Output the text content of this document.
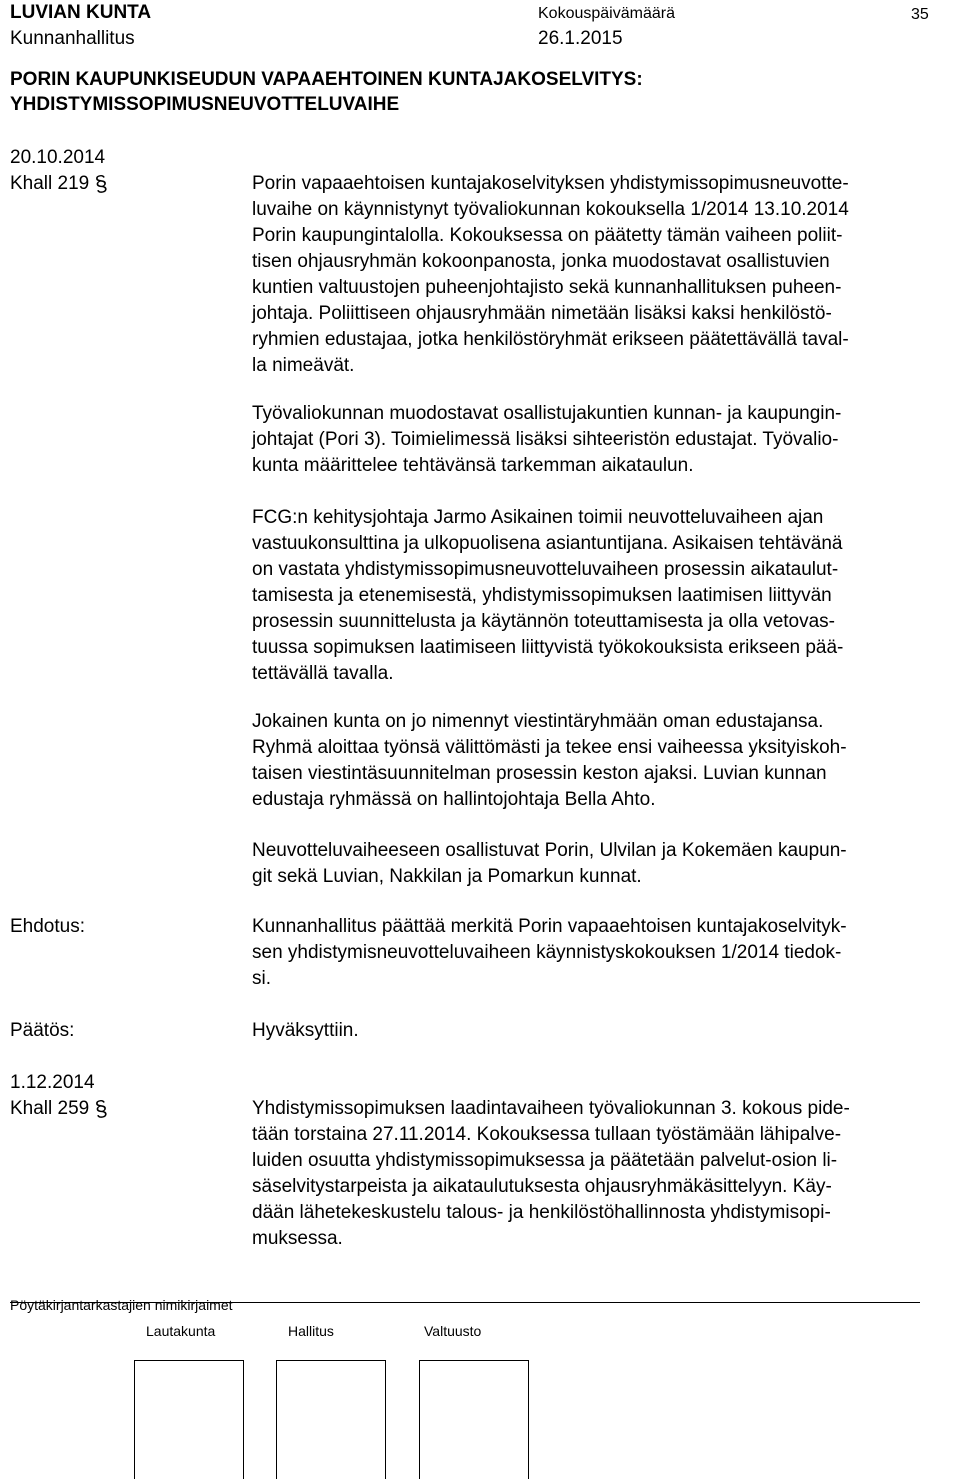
LUVIAN KUNTA
Kunnanhallitus
Kokouspäivämäärä
26.1.2015
35
PORIN KAUPUNKISEUDUN VAPAAEHTOINEN KUNTAJAKOSELVITYS:
YHDISTYMISSOPIMUSNEUVOTTELUVAIHE
20.10.2014
Khall 219 §	Porin vapaaehtoisen kuntajakoselvityksen yhdistymissopimusneuvotte-
luvaihe on käynnistynyt työvaliokunnan kokouksella 1/2014 13.10.2014
Porin kaupungintalolla. Kokouksessa on päätetty tämän vaiheen poliit-
tisen ohjausryhmän kokoonpanosta, jonka muodostavat osallistuvien
kuntien valtuustojen puheenjohtajisto sekä kunnanhallituksen puheen-
johtaja. Poliittiseen ohjausryhmään nimetään lisäksi kaksi henkilöstö-
ryhmien edustajaa, jotka henkilöstöryhmät erikseen päätettävällä taval-
la nimeävät.
Työvaliokunnan muodostavat osallistujakuntien kunnan- ja kaupungin-
johtajat (Pori 3). Toimielimessä lisäksi sihteeristön edustajat. Työvalio-
kunta määrittelee tehtävänsä tarkemman aikataulun.
FCG:n kehitysjohtaja Jarmo Asikainen toimii neuvotteluvaiheen ajan
vastuukonsulttina ja ulkopuolisena asiantuntijana. Asikaisen tehtävänä
on vastata yhdistymissopimusneuvotteluvaiheen prosessin aikataulut-
tamisesta ja etenemisestä, yhdistymissopimuksen laatimisen liittyvän
prosessin suunnittelusta ja käytännön toteuttamisesta ja olla vetovas-
tuussa sopimuksen laatimiseen liittyvistä työkokouksista erikseen pää-
tettävällä tavalla.
Jokainen kunta on jo nimennyt viestintäryhmään oman edustajansa.
Ryhmä aloittaa työnsä välittömästi ja tekee ensi vaiheessa yksityiskoh-
taisen viestintäsuunnitelman prosessin keston ajaksi. Luvian kunnan
edustaja ryhmässä on hallintojohtaja Bella Ahto.
Neuvotteluvaiheeseen osallistuvat Porin, Ulvilan ja Kokemäen kaupun-
git sekä Luvian, Nakkilan ja Pomarkun kunnat.
Ehdotus:	Kunnanhallitus päättää merkitä Porin vapaaehtoisen kuntajakoselvityk-
sen yhdistymisneuvotteluvaiheen käynnistyskokouksen 1/2014 tiedok-
si.
Päätös:	Hyväksyttiin.
1.12.2014
Khall 259 §	Yhdistymissopimuksen laadintavaiheen työvaliokunnan 3. kokous pide-
tään torstaina 27.11.2014. Kokouksessa tullaan työstämään lähipalve-
luiden osuutta yhdistymissopimuksessa ja päätetään palvelut-osion li-
säselvitystarpeista ja aikataulutuksesta ohjausryhmäkäsittelyyn. Käy-
dään lähetekeskustelu talous- ja henkilöstöhallinnosta yhdistymisopi-
muksessa.
Pöytäkirjantarkastajien nimikirjaimet
Lautakunta	Hallitus	Valtuusto
